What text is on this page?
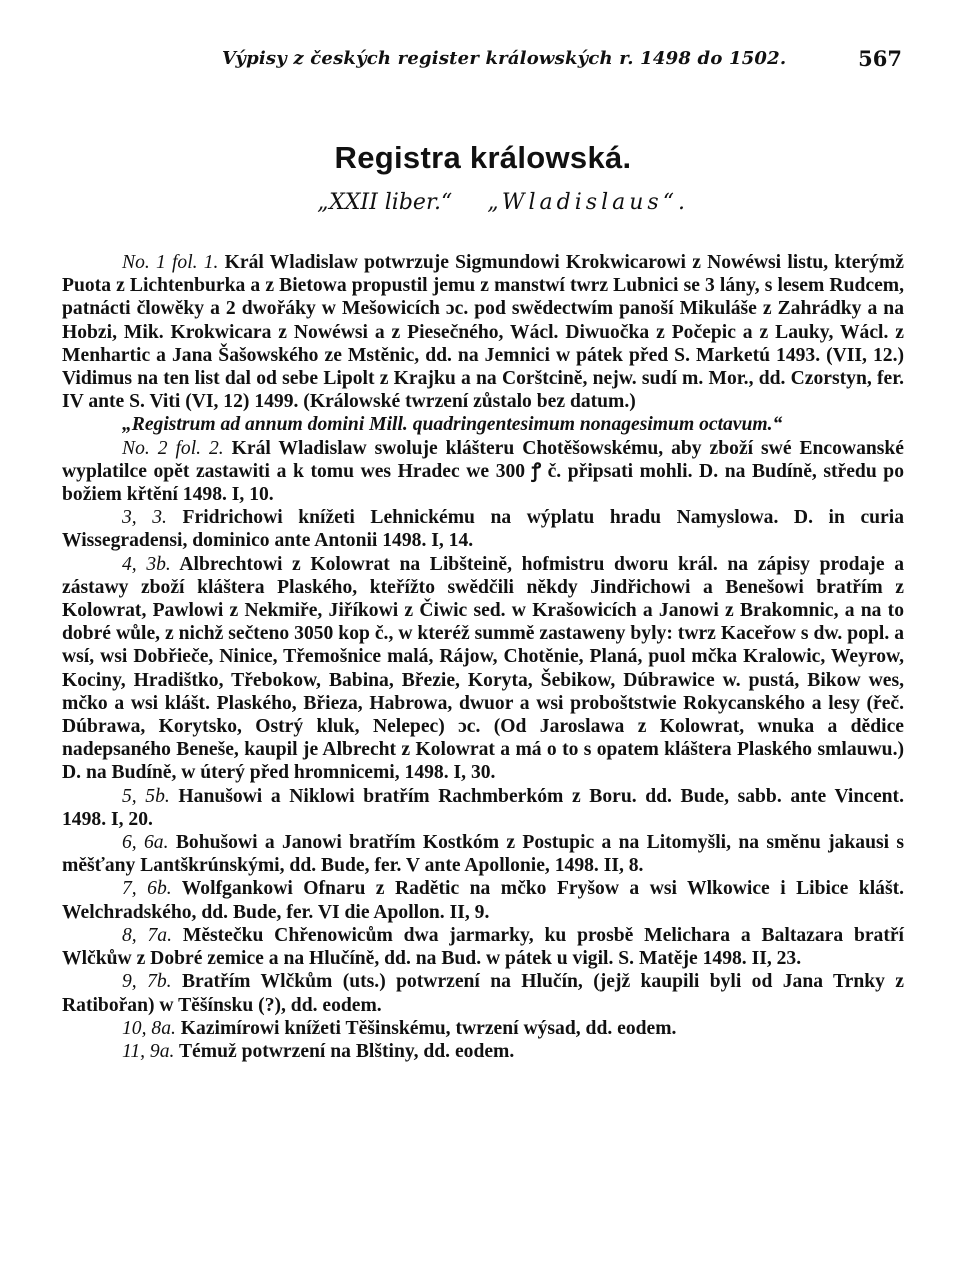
Výpisy z českých register králowských r. 1498 do 1502.	567
Registra králowská.
„XXII liber.“ „Wladislaus“.

No. 1 fol. 1. Král Wladislaw potwrzuje Sigmundowi Krokwicarowi z Nowéwsi listu, kterýmž Puota z Lichtenburka a z Bietowa propustil jemu z manstwí twrz Lubnici se 3 lány, s lesem Rudcem, patnácti člowěky a 2 dwořáky w Mešowicích ɔc. pod swědectwím panoší Mikuláše z Zahrádky a na Hobzi, Mik. Krokwicara z Nowéwsi a z Piesečného, Wácl. Diwuočka z Počepic a z Lauky, Wácl. z Menhartic a Jana Šašowského ze Mstěnic, dd. na Jemnici w pátek před S. Marketú 1493. (VII, 12.) Vidimus na ten list dal od sebe Lipolt z Krajku a na Corštcině, nejw. sudí m. Mor., dd. Czorstyn, fer. IV ante S. Viti (VI, 12) 1499. (Králowské twrzení zůstalo bez datum.)

„Registrum ad annum domini Mill. quadringentesimum nonagesimum octavum.“

No. 2 fol. 2. Král Wladislaw swoluje klášteru Chotěšowskému, aby zboží swé Encowanské wyplatilce opět zastawiti a k tomu wes Hradec we 300 ꝭ č. připsati mohli. D. na Budíně, středu po božiem křtění 1498. I, 10.

3, 3. Fridrichowi knížeti Lehnickému na wýplatu hradu Namyslowa. D. in curia Wissegradensi, dominico ante Antonii 1498. I, 14.

4, 3b. Albrechtowi z Kolowrat na Libšteině, hofmistru dworu král. na zápisy prodaje a zástawy zboží kláštera Plaského, kteřížto swědčili někdy Jindřichowi a Benešowi bratřím z Kolowrat, Pawlowi z Nekmiře, Jiříkowi z Čiwic sed. w Krašowicích a Janowi z Brakomnic, a na to dobré wůle, z nichž sečteno 3050 kop č., w kteréž summě zastaweny byly: twrz Kaceřow s dw. popl. a wsí, wsi Dobřieče, Ninice, Třemošnice malá, Rájow, Chotěnie, Planá, puol mčka Kralowic, Weyrow, Kociny, Hradištko, Třebokow, Babina, Březie, Koryta, Šebikow, Dúbrawice w. pustá, Bikow wes, mčko a wsi klášt. Plaského, Břieza, Habrowa, dwuor a wsi proboštstwie Rokycanského a lesy (řeč. Dúbrawa, Korytsko, Ostrý kluk, Nelepec) ɔc. (Od Jaroslawa z Kolowrat, wnuka a dědice nadepsaného Beneše, kaupil je Albrecht z Kolowrat a má o to s opatem kláštera Plaského smlauwu.) D. na Budíně, w úterý před hromnicemi, 1498. I, 30.

5, 5b. Hanušowi a Niklowi bratřím Rachmberkóm z Boru. dd. Bude, sabb. ante Vincent. 1498. I, 20.

6, 6a. Bohušowi a Janowi bratřím Kostkóm z Postupic a na Litomyšli, na směnu jakausi s měšťany Lantškrúnskými, dd. Bude, fer. V ante Apollonie, 1498. II, 8.

7, 6b. Wolfgankowi Ofnaru z Radětic na mčko Fryšow a wsi Wlkowice i Libice klášt. Welchradského, dd. Bude, fer. VI die Apollon. II, 9.

8, 7a. Městečku Chřenowicům dwa jarmarky, ku prosbě Melichara a Baltazara bratří Wlčkůw z Dobré zemice a na Hlučíně, dd. na Bud. w pátek u vigil. S. Matěje 1498. II, 23.

9, 7b. Bratřím Wlčkům (uts.) potwrzení na Hlučín, (jejž kaupili byli od Jana Trnky z Ratibořan) w Těšínsku (?), dd. eodem.

10, 8a. Kazimírowi knížeti Těšinskému, twrzení wýsad, dd. eodem.

11, 9a. Témuž potwrzení na Blštiny, dd. eodem.
